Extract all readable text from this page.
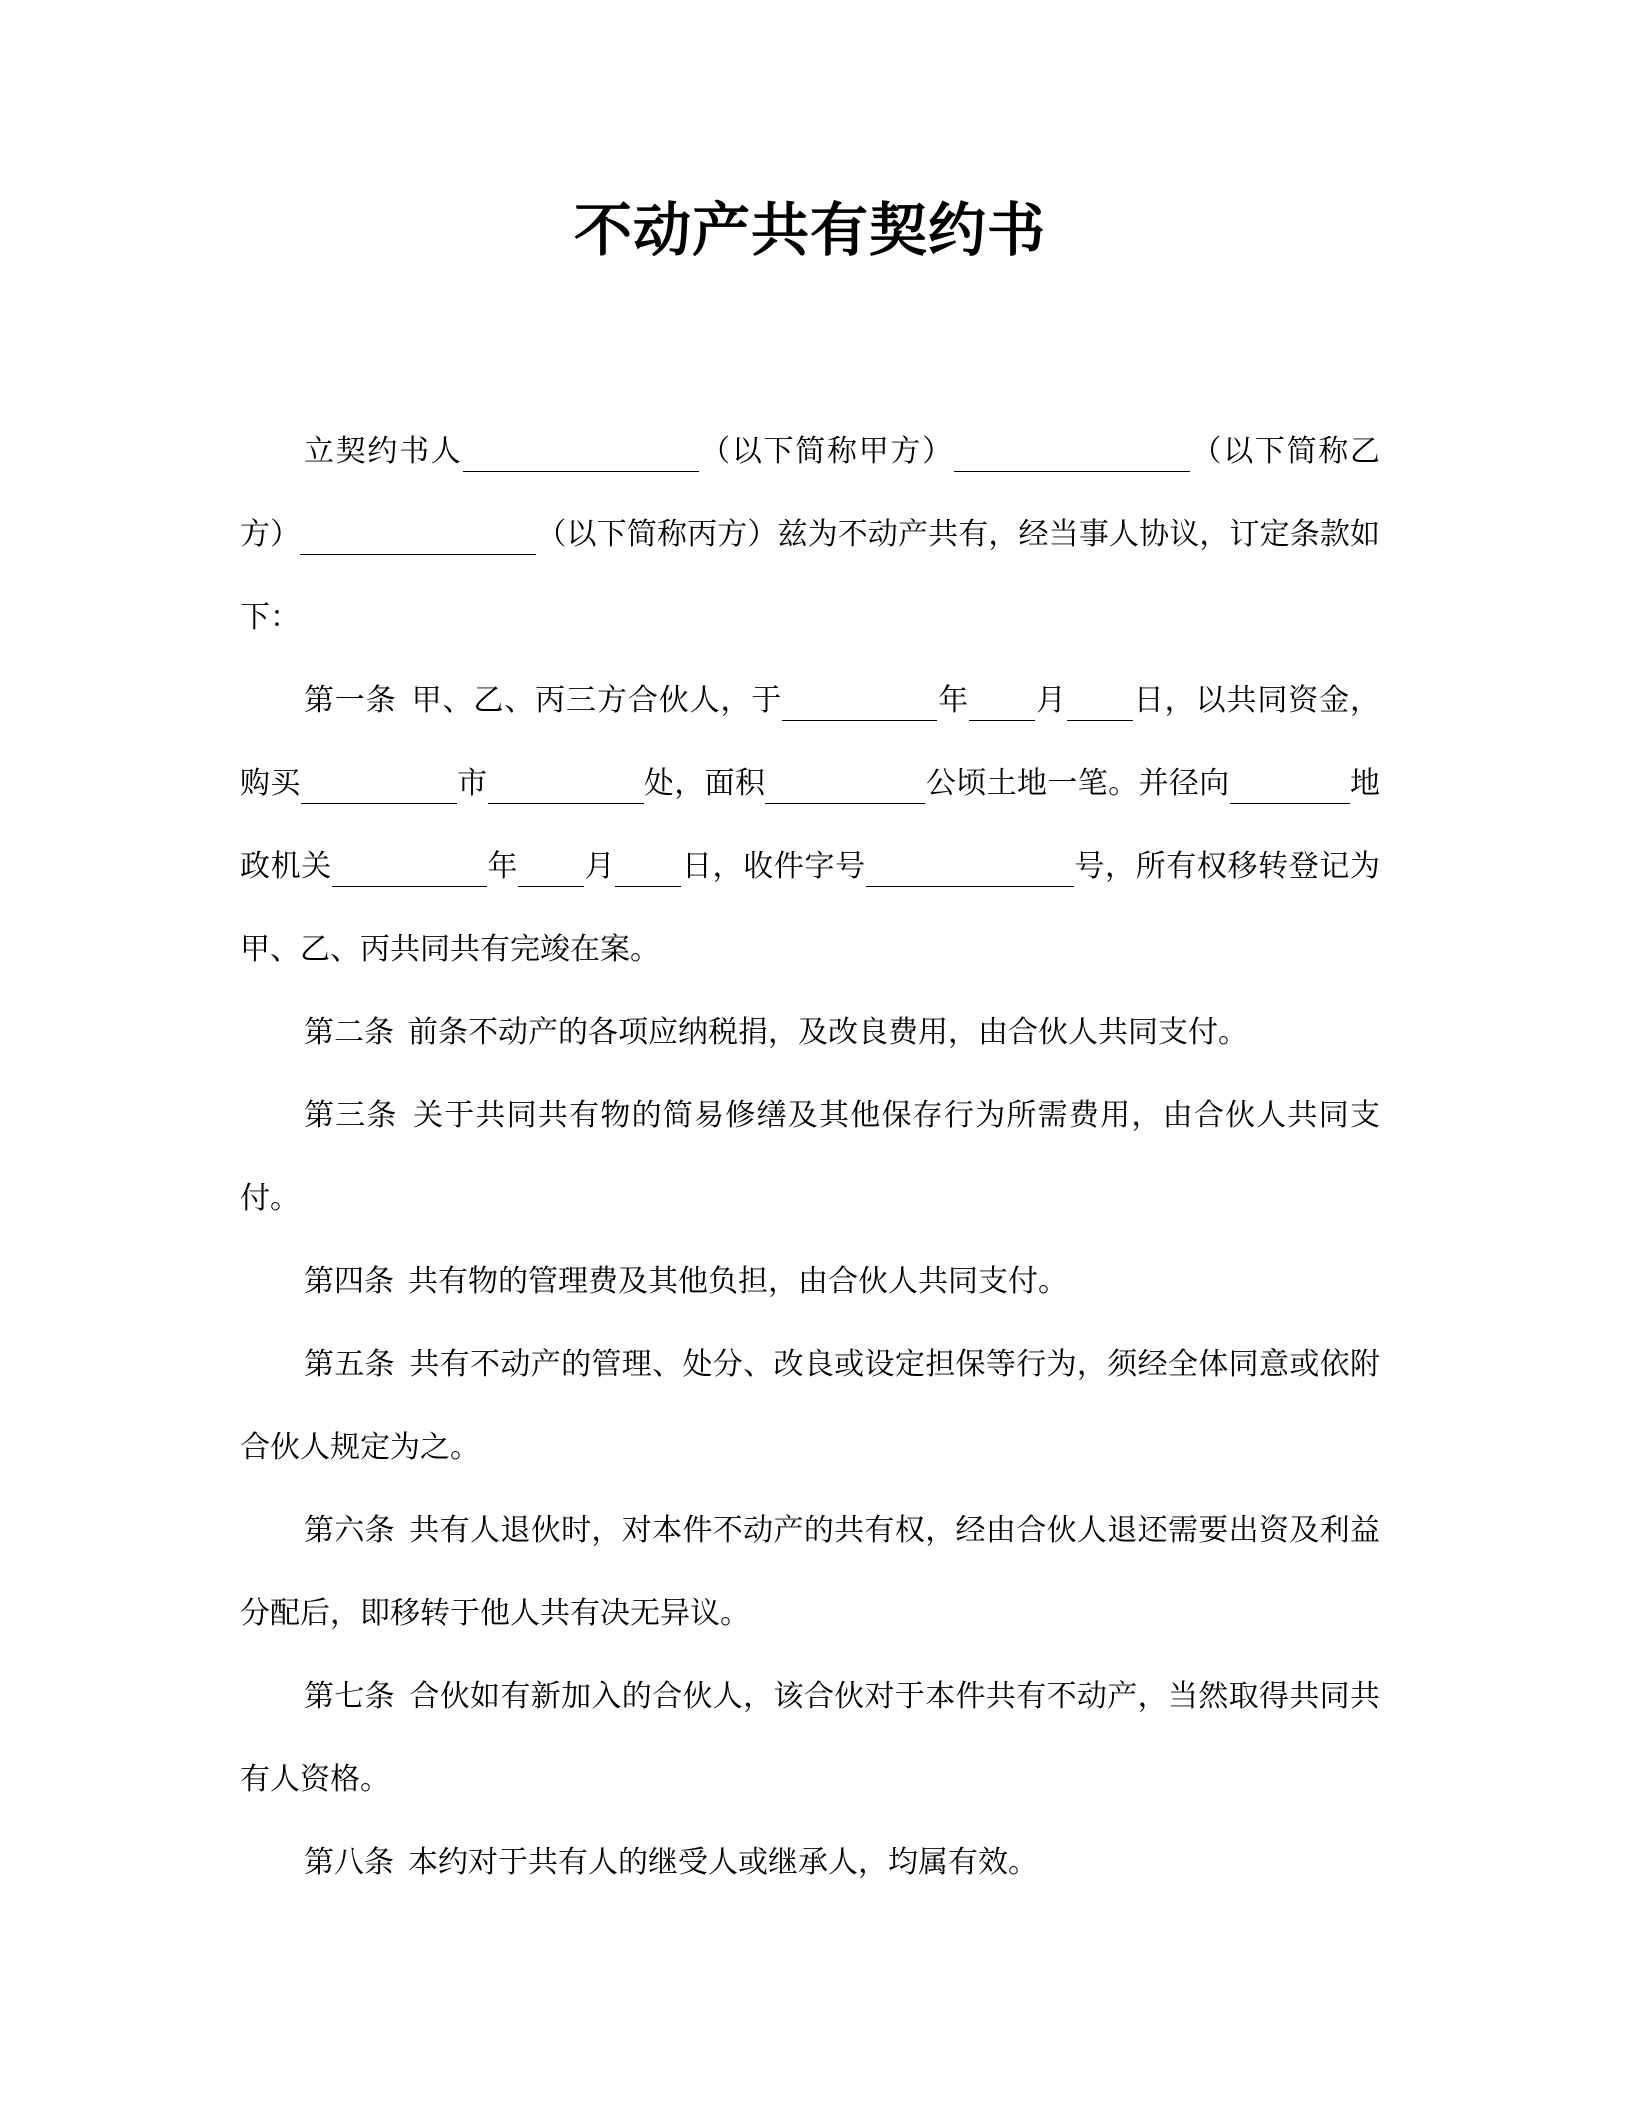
不动产共有契约书

立契约书人	（以下简称甲方）	（以下简称乙方）	（以下简称丙方）兹为不动产共有，经当事人协议，订定条款如下：

第一条 甲、乙、丙三方合伙人，于	年 月 日，以共同资金，购买	市	处，面积	公顷土地一笔。并径向	地政机关	年 月 日，收件字号	号，所有权移转登记为甲、乙、丙共同共有完竣在案。

第二条 前条不动产的各项应纳税捐，及改良费用，由合伙人共同支付。

第三条 关于共同共有物的简易修缮及其他保存行为所需费用，由合伙人共同支付。

第四条 共有物的管理费及其他负担，由合伙人共同支付。

第五条 共有不动产的管理、处分、改良或设定担保等行为，须经全体同意或依附合伙人规定为之。

第六条 共有人退伙时，对本件不动产的共有权，经由合伙人退还需要出资及利益分配后，即移转于他人共有决无异议。

第七条 合伙如有新加入的合伙人，该合伙对于本件共有不动产，当然取得共同共有人资格。

第八条 本约对于共有人的继受人或继承人，均属有效。
